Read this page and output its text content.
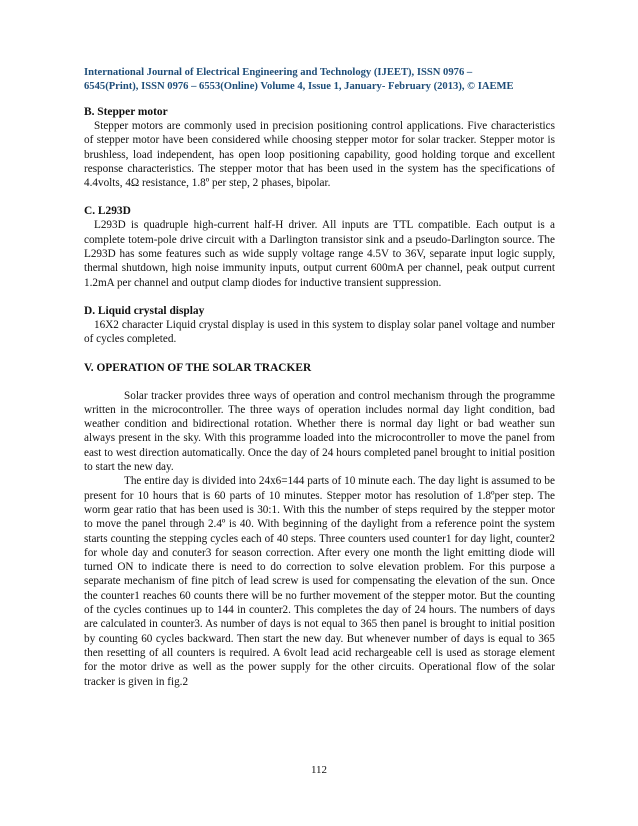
International Journal of Electrical Engineering and Technology (IJEET), ISSN 0976 –
6545(Print), ISSN 0976 – 6553(Online) Volume 4, Issue 1, January- February (2013), © IAEME

B. Stepper motor

Stepper motors are commonly used in precision positioning control applications. Five characteristics of stepper motor have been considered while choosing stepper motor for solar tracker. Stepper motor is brushless, load independent, has open loop positioning capability, good holding torque and excellent response characteristics. The stepper motor that has been used in the system has the specifications of 4.4volts, 4Ω resistance, 1.8º per step, 2 phases, bipolar.

C. L293D

L293D is quadruple high-current half-H driver. All inputs are TTL compatible. Each output is a complete totem-pole drive circuit with a Darlington transistor sink and a pseudo-Darlington source. The L293D has some features such as wide supply voltage range 4.5V to 36V, separate input logic supply, thermal shutdown, high noise immunity inputs, output current 600mA per channel, peak output current 1.2mA per channel and output clamp diodes for inductive transient suppression.

D. Liquid crystal display

16X2 character Liquid crystal display is used in this system to display solar panel voltage and number of cycles completed.

V. OPERATION OF THE SOLAR TRACKER

Solar tracker provides three ways of operation and control mechanism through the programme written in the microcontroller. The three ways of operation includes normal day light condition, bad weather condition and bidirectional rotation. Whether there is normal day light or bad weather sun always present in the sky. With this programme loaded into the microcontroller to move the panel from east to west direction automatically. Once the day of 24 hours completed panel brought to initial position to start the new day.

The entire day is divided into 24x6=144 parts of 10 minute each. The day light is assumed to be present for 10 hours that is 60 parts of 10 minutes. Stepper motor has resolution of 1.8ºper step. The worm gear ratio that has been used is 30:1. With this the number of steps required by the stepper motor to move the panel through 2.4º is 40. With beginning of the daylight from a reference point the system starts counting the stepping cycles each of 40 steps. Three counters used counter1 for day light, counter2 for whole day and conuter3 for season correction. After every one month the light emitting diode will turned ON to indicate there is need to do correction to solve elevation problem. For this purpose a separate mechanism of fine pitch of lead screw is used for compensating the elevation of the sun. Once the counter1 reaches 60 counts there will be no further movement of the stepper motor. But the counting of the cycles continues up to 144 in counter2. This completes the day of 24 hours. The numbers of days are calculated in counter3. As number of days is not equal to 365 then panel is brought to initial position by counting 60 cycles backward. Then start the new day. But whenever number of days is equal to 365 then resetting of all counters is required. A 6volt lead acid rechargeable cell is used as storage element for the motor drive as well as the power supply for the other circuits. Operational flow of the solar tracker is given in fig.2

112
